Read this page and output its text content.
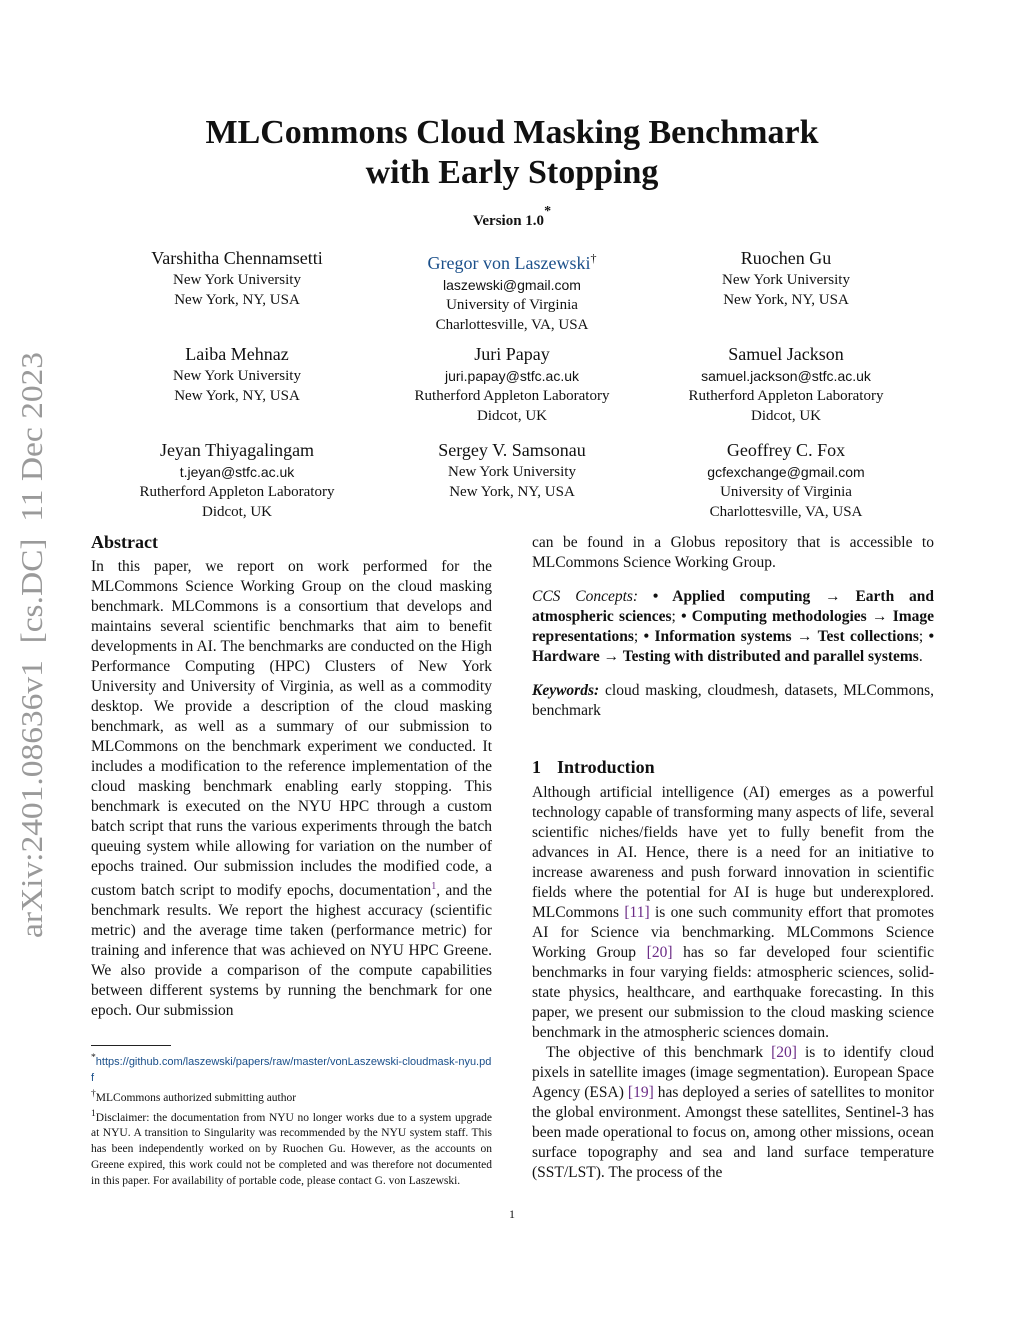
arXiv:2401.08636v1  [cs.DC]  11 Dec 2023
MLCommons Cloud Masking Benchmark
with Early Stopping
Version 1.0*
Varshitha Chennamsetti
New York University
New York, NY, USA
Gregor von Laszewski†
laszewski@gmail.com
University of Virginia
Charlottesville, VA, USA
Ruochen Gu
New York University
New York, NY, USA
Laiba Mehnaz
New York University
New York, NY, USA
Juri Papay
juri.papay@stfc.ac.uk
Rutherford Appleton Laboratory
Didcot, UK
Samuel Jackson
samuel.jackson@stfc.ac.uk
Rutherford Appleton Laboratory
Didcot, UK
Jeyan Thiyagalingam
t.jeyan@stfc.ac.uk
Rutherford Appleton Laboratory
Didcot, UK
Sergey V. Samsonau
New York University
New York, NY, USA
Geoffrey C. Fox
gcfexchange@gmail.com
University of Virginia
Charlottesville, VA, USA
Abstract

In this paper, we report on work performed for the MLCommons Science Working Group on the cloud masking benchmark. MLCommons is a consortium that develops and maintains several scientific benchmarks that aim to benefit developments in AI. The benchmarks are conducted on the High Performance Computing (HPC) Clusters of New York University and University of Virginia, as well as a commodity desktop. We provide a description of the cloud masking benchmark, as well as a summary of our submission to MLCommons on the benchmark experiment we conducted. It includes a modification to the reference implementation of the cloud masking benchmark enabling early stopping. This benchmark is executed on the NYU HPC through a custom batch script that runs the various experiments through the batch queuing system while allowing for variation on the number of epochs trained. Our submission includes the modified code, a custom batch script to modify epochs, documentation$^1$, and the benchmark results. We report the highest accuracy (scientific metric) and the average time taken (performance metric) for training and inference that was achieved on NYU HPC Greene. We also provide a comparison of the compute capabilities between different systems by running the benchmark for one epoch. Our submission

*https://github.com/laszewski/papers/raw/master/vonLaszewski-cloudmask-nyu.pdf
†MLCommons authorized submitting author
$^1$Disclaimer: the documentation from NYU no longer works due to a system upgrade at NYU. A transition to Singularity was recommended by the NYU system staff. This has been independently worked on by Ruochen Gu. However, as the accounts on Greene expired, this work could not be completed and was therefore not documented in this paper. For availability of portable code, please contact G. von Laszewski.

can be found in a Globus repository that is accessible to MLCommons Science Working Group.

CCS Concepts: • Applied computing → Earth and atmospheric sciences; • Computing methodologies → Image representations; • Information systems → Test collections; • Hardware → Testing with distributed and parallel systems.

Keywords: cloud masking, cloudmesh, datasets, MLCommons, benchmark

1 Introduction

Although artificial intelligence (AI) emerges as a powerful technology capable of transforming many aspects of life, several scientific niches/fields have yet to fully benefit from the advances in AI. Hence, there is a need for an initiative to increase awareness and push forward innovation in scientific fields where the potential for AI is huge but underexplored. MLCommons [11] is one such community effort that promotes AI for Science via benchmarking. MLCommons Science Working Group [20] has so far developed four scientific benchmarks in four varying fields: atmospheric sciences, solid-state physics, healthcare, and earthquake forecasting. In this paper, we present our submission to the cloud masking science benchmark in the atmospheric sciences domain.

The objective of this benchmark [20] is to identify cloud pixels in satellite images (image segmentation). European Space Agency (ESA) [19] has deployed a series of satellites to monitor the global environment. Amongst these satellites, Sentinel-3 has been made operational to focus on, among other missions, ocean surface topography and sea and land surface temperature (SST/LST). The process of the

1
